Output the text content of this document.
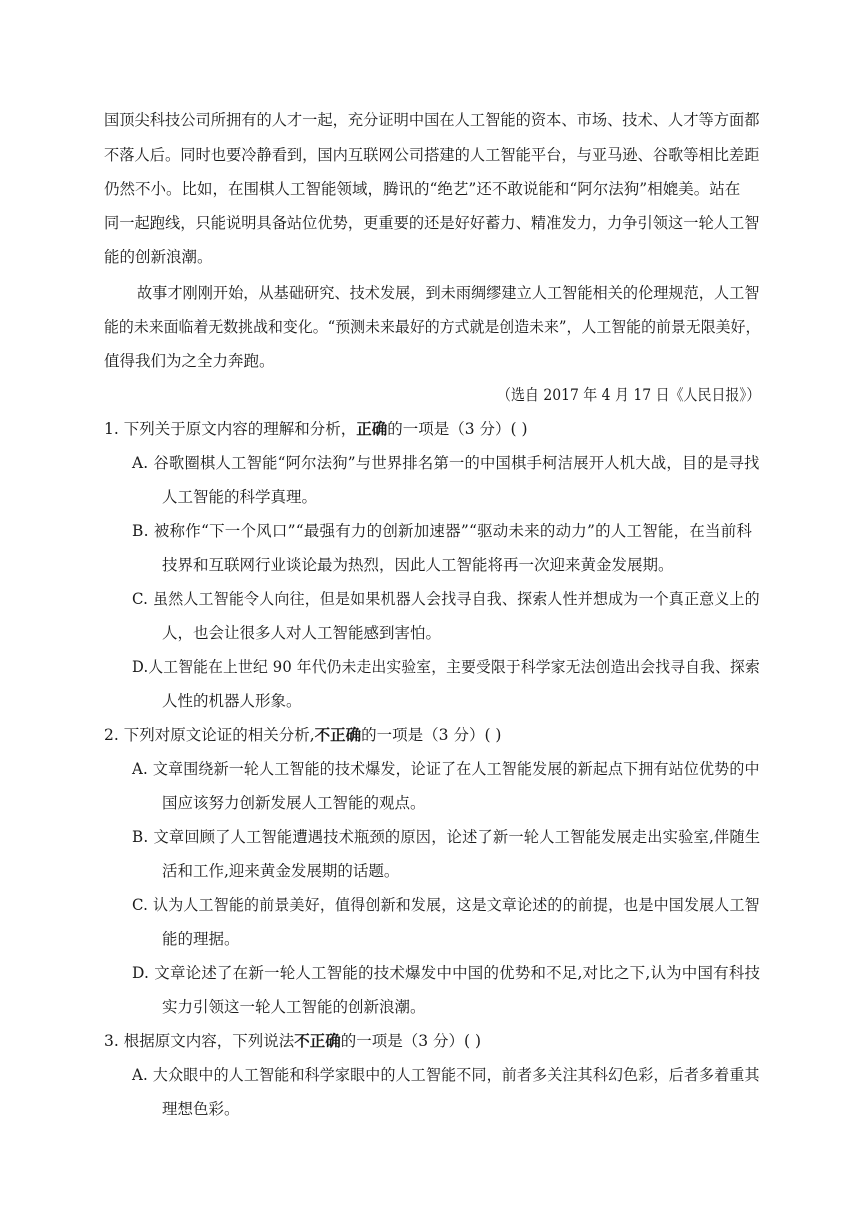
国顶尖科技公司所拥有的人才一起，充分证明中国在人工智能的资本、市场、技术、人才等方面都
不落人后。同时也要冷静看到，国内互联网公司搭建的人工智能平台，与亚马逊、谷歌等相比差距
仍然不小。比如，在围棋人工智能领域，腾讯的“绝艺”还不敢说能和“阿尔法狗”相媲美。站在
同一起跑线，只能说明具备站位优势，更重要的还是好好蓄力、精准发力，力争引领这一轮人工智
能的创新浪潮。
故事才刚刚开始，从基础研究、技术发展，到未雨绸缪建立人工智能相关的伦理规范，人工智
能的未来面临着无数挑战和变化。“预测未来最好的方式就是创造未来”，人工智能的前景无限美好，
值得我们为之全力奔跑。
（选自 2017 年 4 月 17 日《人民日报》）
1. 下列关于原文内容的理解和分析，正确的一项是（3 分）( )
A. 谷歌圈棋人工智能“阿尔法狗”与世界排名第一的中国棋手柯洁展开人机大战，目的是寻找
人工智能的科学真理。
B. 被称作“下一个风口”“最强有力的创新加速器”“驱动未来的动力”的人工智能，在当前科
技界和互联网行业谈论最为热烈，因此人工智能将再一次迎来黄金发展期。
C. 虽然人工智能令人向往，但是如果机器人会找寻自我、探索人性并想成为一个真正意义上的
人，也会让很多人对人工智能感到害怕。
D.人工智能在上世纪 90 年代仍未走出实验室，主要受限于科学家无法创造出会找寻自我、探索
人性的机器人形象。
2. 下列对原文论证的相关分析,不正确的一项是（3 分）( )
A. 文章围绕新一轮人工智能的技术爆发，论证了在人工智能发展的新起点下拥有站位优势的中
国应该努力创新发展人工智能的观点。
B. 文章回顾了人工智能遭遇技术瓶颈的原因，论述了新一轮人工智能发展走出实验室,伴随生
活和工作,迎来黄金发展期的话题。
C. 认为人工智能的前景美好，值得创新和发展，这是文章论述的的前提，也是中国发展人工智
能的理据。
D. 文章论述了在新一轮人工智能的技术爆发中中国的优势和不足,对比之下,认为中国有科技
实力引领这一轮人工智能的创新浪潮。
3. 根据原文内容，下列说法不正确的一项是（3 分）( )
A. 大众眼中的人工智能和科学家眼中的人工智能不同，前者多关注其科幻色彩，后者多着重其
理想色彩。
